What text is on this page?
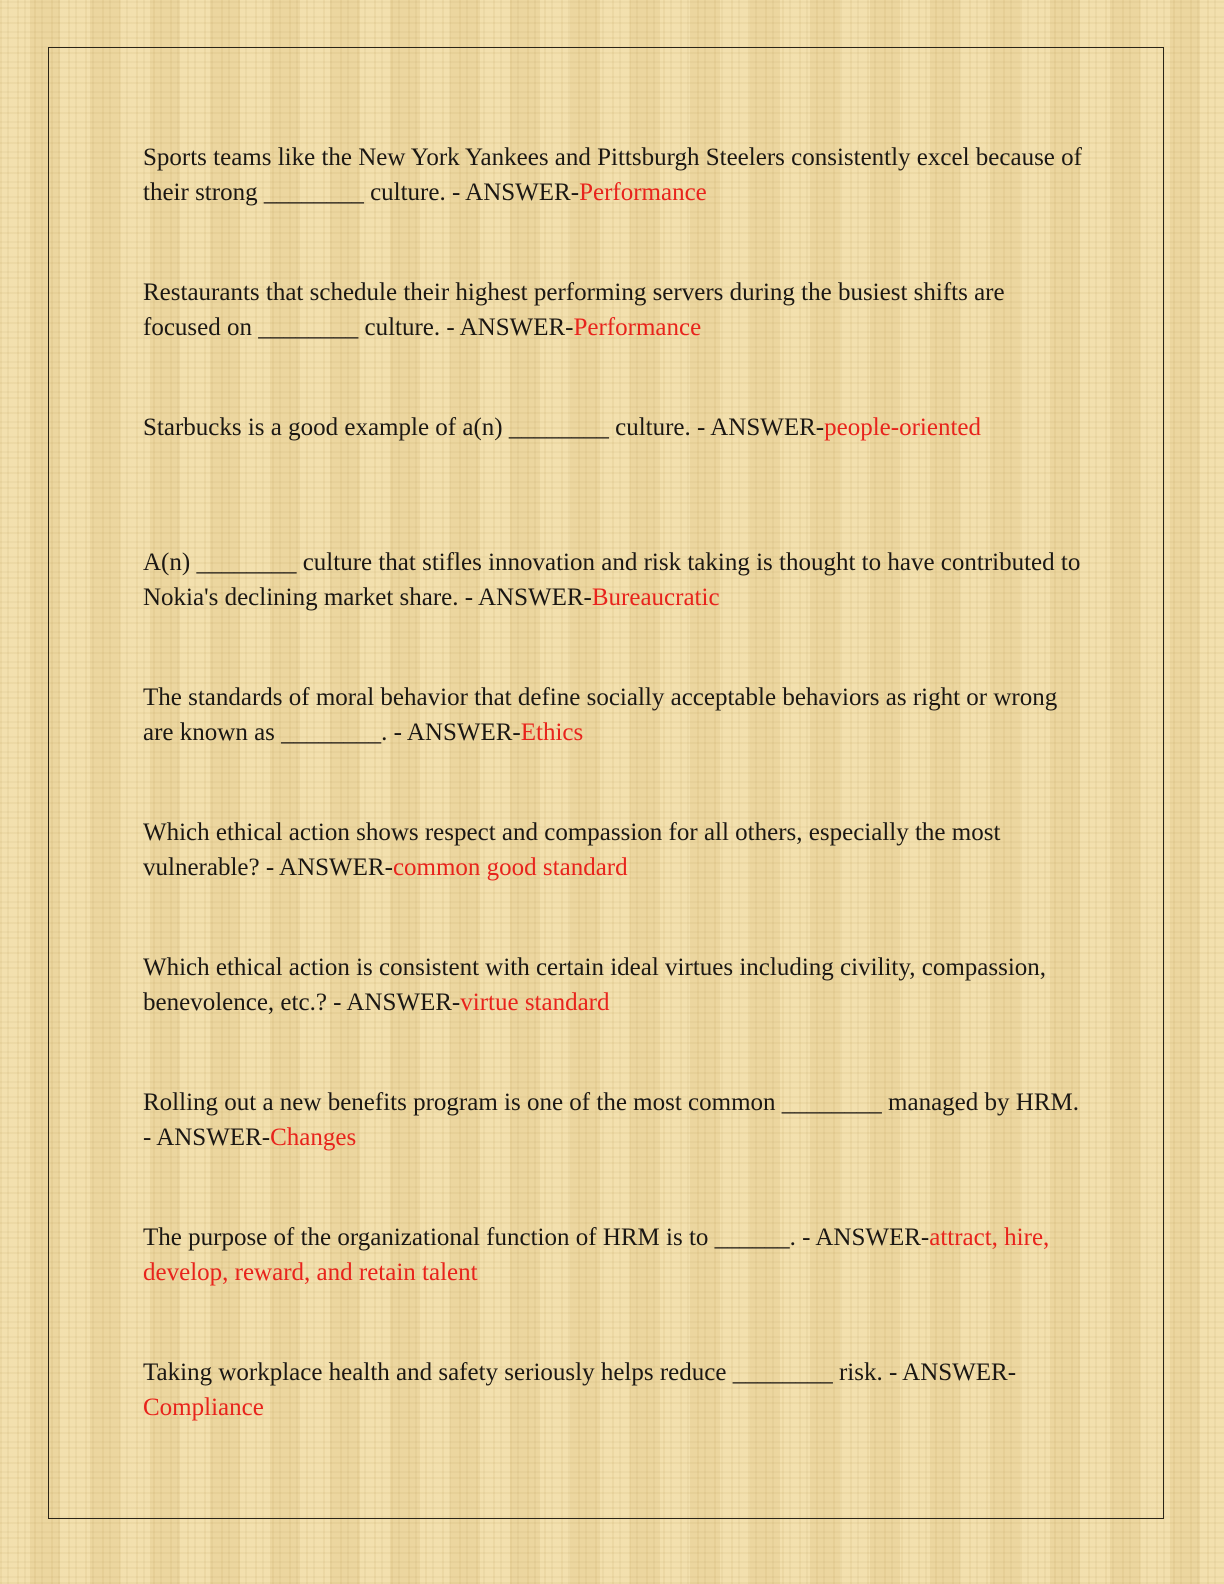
Sports teams like the New York Yankees and Pittsburgh Steelers consistently excel because of their strong ________ culture. - ANSWER-Performance

Restaurants that schedule their highest performing servers during the busiest shifts are focused on ________ culture. - ANSWER-Performance

Starbucks is a good example of a(n) ________ culture. - ANSWER-people-oriented

A(n) ________ culture that stifles innovation and risk taking is thought to have contributed to Nokia's declining market share. - ANSWER-Bureaucratic

The standards of moral behavior that define socially acceptable behaviors as right or wrong are known as ________. - ANSWER-Ethics

Which ethical action shows respect and compassion for all others, especially the most vulnerable? - ANSWER-common good standard

Which ethical action is consistent with certain ideal virtues including civility, compassion, benevolence, etc.? - ANSWER-virtue standard

Rolling out a new benefits program is one of the most common ________ managed by HRM. - ANSWER-Changes

The purpose of the organizational function of HRM is to ______. - ANSWER-attract, hire, develop, reward, and retain talent

Taking workplace health and safety seriously helps reduce ________ risk. - ANSWER-Compliance
